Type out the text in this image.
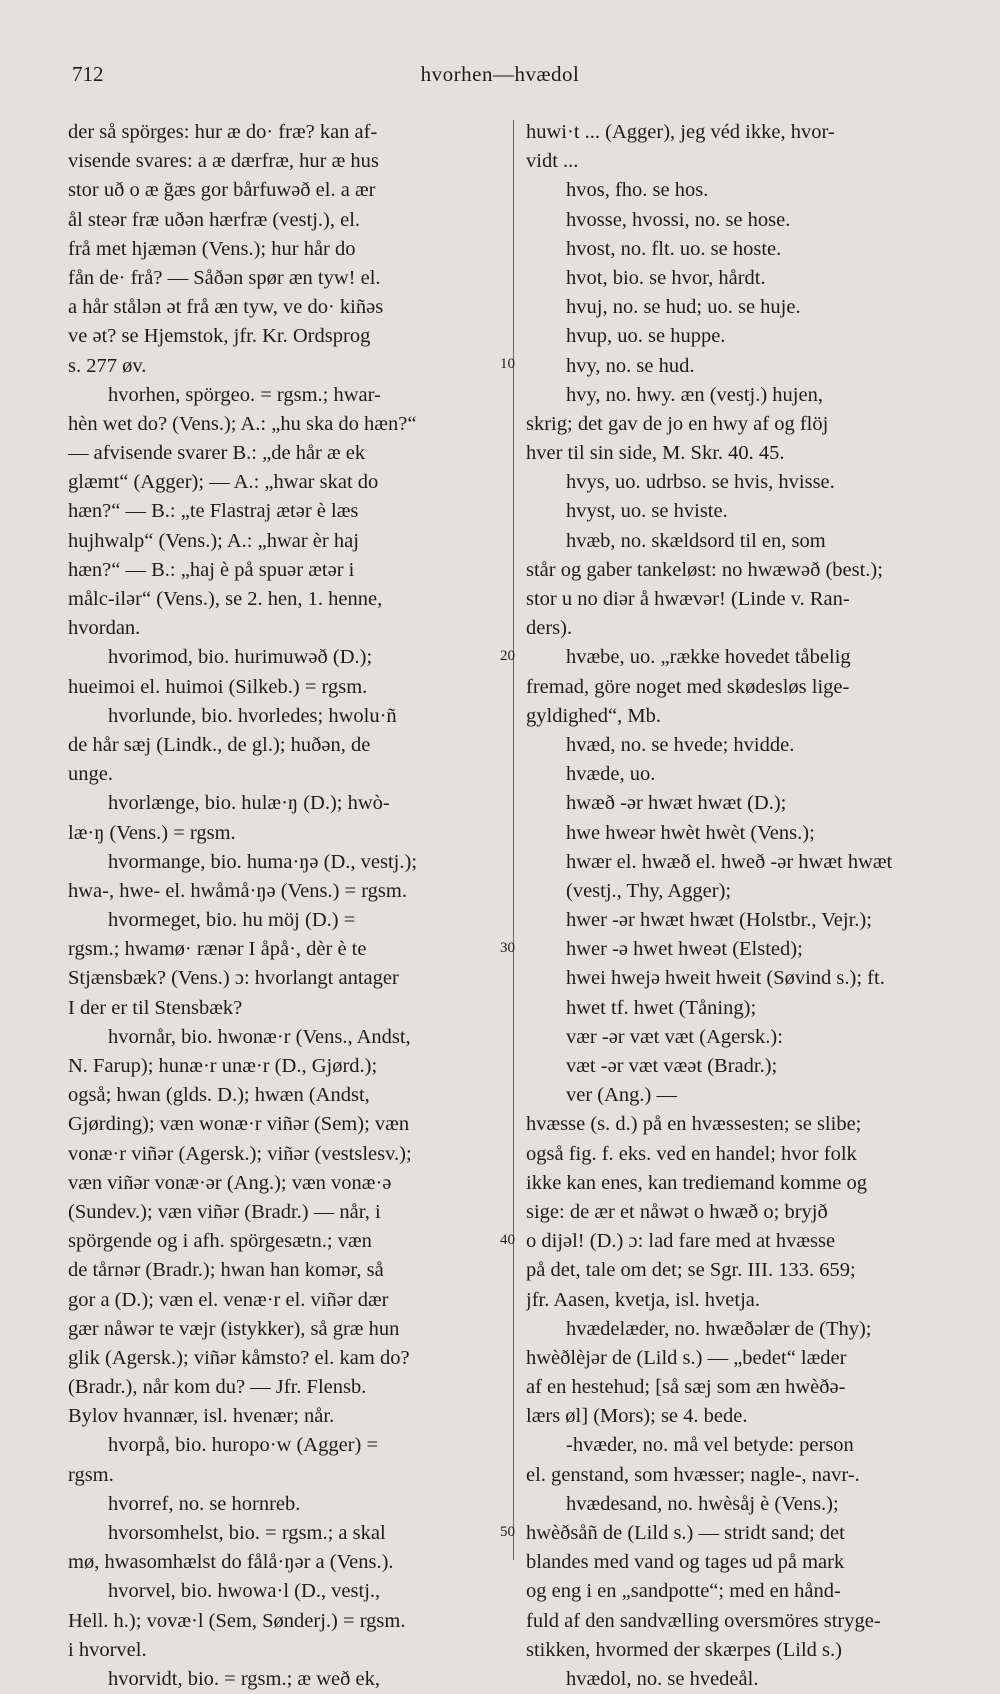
712	hvorhen—hvædol
der så spörges: hur æ do· fræ? kan af-
visende svares: a æ dærfræ, hur æ hus
stor uð o æ ğæs gor bårfuwəð el. a ær
ål steər fræ uðən hærfræ (vestj.), el.
frå met hjæmən (Vens.); hur hår do
fån de· frå? — Såðən spør æn tyw! el.
a hår stålən ət frå æn tyw, ve do· kiñəs
ve ət? se Hjemstok, jfr. Kr. Ordsprog
s. 277 øv.
hvorhen, spörgeo. = rgsm.; hwar-
hèn wet do? (Vens.); A.: „hu ska do hæn?“
— afvisende svarer B.: „de hår æ ek
glæmt“ (Agger); — A.: „hwar skat do
hæn?“ — B.: „te Flastraj ætər è læs
hujhwalp“ (Vens.); A.: „hwar èr haj
hæn?“ — B.: „haj è på spuər ætər i
målc-ilər“ (Vens.), se 2. hen, 1. henne,
hvordan.
hvorimod, bio. hurimuwəð (D.);
hueimoi el. huimoi (Silkeb.) = rgsm.
hvorlunde, bio. hvorledes; hwolu·ñ
de hår sæj (Lindk., de gl.); huðən, de
unge.
hvorlænge, bio. hulæ·ŋ (D.); hwò-
læ·ŋ (Vens.) = rgsm.
hvormange, bio. huma·ŋə (D., vestj.);
hwa-, hwe- el. hwåmå·ŋə (Vens.) = rgsm.
hvormeget, bio. hu möj (D.) =
rgsm.; hwamø· rænər I åpå·, dèr è te
Stjænsbæk? (Vens.) ɔ: hvorlangt antager
I der er til Stensbæk?
hvornår, bio. hwonæ·r (Vens., Andst,
N. Farup); hunæ·r unæ·r (D., Gjørd.);
også; hwan (glds. D.); hwæn (Andst,
Gjørding); væn wonæ·r viñər (Sem); væn
vonæ·r viñər (Agersk.); viñər (vestslesv.);
væn viñər vonæ·ər (Ang.); væn vonæ·ə
(Sundev.); væn viñər (Bradr.) — når, i
spörgende og i afh. spörgesætn.; væn
de tårnər (Bradr.); hwan han komər, så
gor a (D.); væn el. venæ·r el. viñər dær
gær nåwər te væjr (istykker), så græ hun
glik (Agersk.); viñər kåmsto? el. kam do?
(Bradr.), når kom du? — Jfr. Flensb.
Bylov hvannær, isl. hvenær; når.
hvorpå, bio. huropo·w (Agger) =
rgsm.
hvorref, no. se hornreb.
hvorsomhelst, bio. = rgsm.; a skal
mø, hwasomhælst do fålå·ŋər a (Vens.).
hvorvel, bio. hwowa·l (D., vestj.,
Hell. h.); vovæ·l (Sem, Sønderj.) = rgsm.
i hvorvel.
hvorvidt, bio. = rgsm.; æ weð ek,
huwi·t ... (Agger), jeg véd ikke, hvor-
vidt ...
hvos, fho. se hos.
hvosse, hvossi, no. se hose.
hvost, no. flt. uo. se hoste.
hvot, bio. se hvor, hårdt.
hvuj, no. se hud; uo. se huje.
hvup, uo. se huppe.
hvy, no. se hud.
hvy, no. hwy. æn (vestj.) hujen,
skrig; det gav de jo en hwy af og flöj
hver til sin side, M. Skr. 40. 45.
hvys, uo. udrbso. se hvis, hvisse.
hvyst, uo. se hviste.
hvæb, no. skældsord til en, som
står og gaber tankeløst: no hwæwəð (best.);
stor u no diər å hwævər! (Linde v. Ran-
ders).
hvæbe, uo. „række hovedet tåbelig
fremad, göre noget med skødesløs lige-
gyldighed“, Mb.
hvæd, no. se hvede; hvidde.
hvæde, uo.
hwæð -ər hwæt hwæt (D.);
hwe hwеər hwèt hwèt (Vens.);
hwær el. hwæð el. hweð -ər hwæt hwæt
(vestj., Thy, Agger);
hwer -ər hwæt hwæt (Holstbr., Vejr.);
hwer -ə hwet hweət (Elsted);
hwei hwejə hweit hweit (Søvind s.); ft.
hwet tf. hwet (Tåning);
vær -ər væt væt (Agersk.):
væt -ər væt væət (Bradr.);
ver (Ang.) —
hvæsse (s. d.) på en hvæssesten; se slibe;
også fig. f. eks. ved en handel; hvor folk
ikke kan enes, kan trediemand komme og
sige: de ær et nåwət o hwæð o; bryjð
o dijəl! (D.) ɔ: lad fare med at hvæsse
på det, tale om det; se Sgr. III. 133. 659;
jfr. Aasen, kvetja, isl. hvetja.
hvædelæder, no. hwæðəlær de (Thy);
hwèðlèjər de (Lild s.) — „bedet“ læder
af en hestehud; [så sæj som æn hwèðə-
lærs øl] (Mors); se 4. bede.
-hvæder, no. må vel betyde: person
el. genstand, som hvæsser; nagle-, navr-.
hvædesand, no. hwèsåj è (Vens.);
hwèðsåñ de (Lild s.) — stridt sand; det
blandes med vand og tages ud på mark
og eng i en „sandpotte“; med en hånd-
fuld af den sandvælling oversmöres stryge-
stikken, hvormed der skærpes (Lild s.)
hvædol, no. se hvedeål.
10
20
30
40
50
